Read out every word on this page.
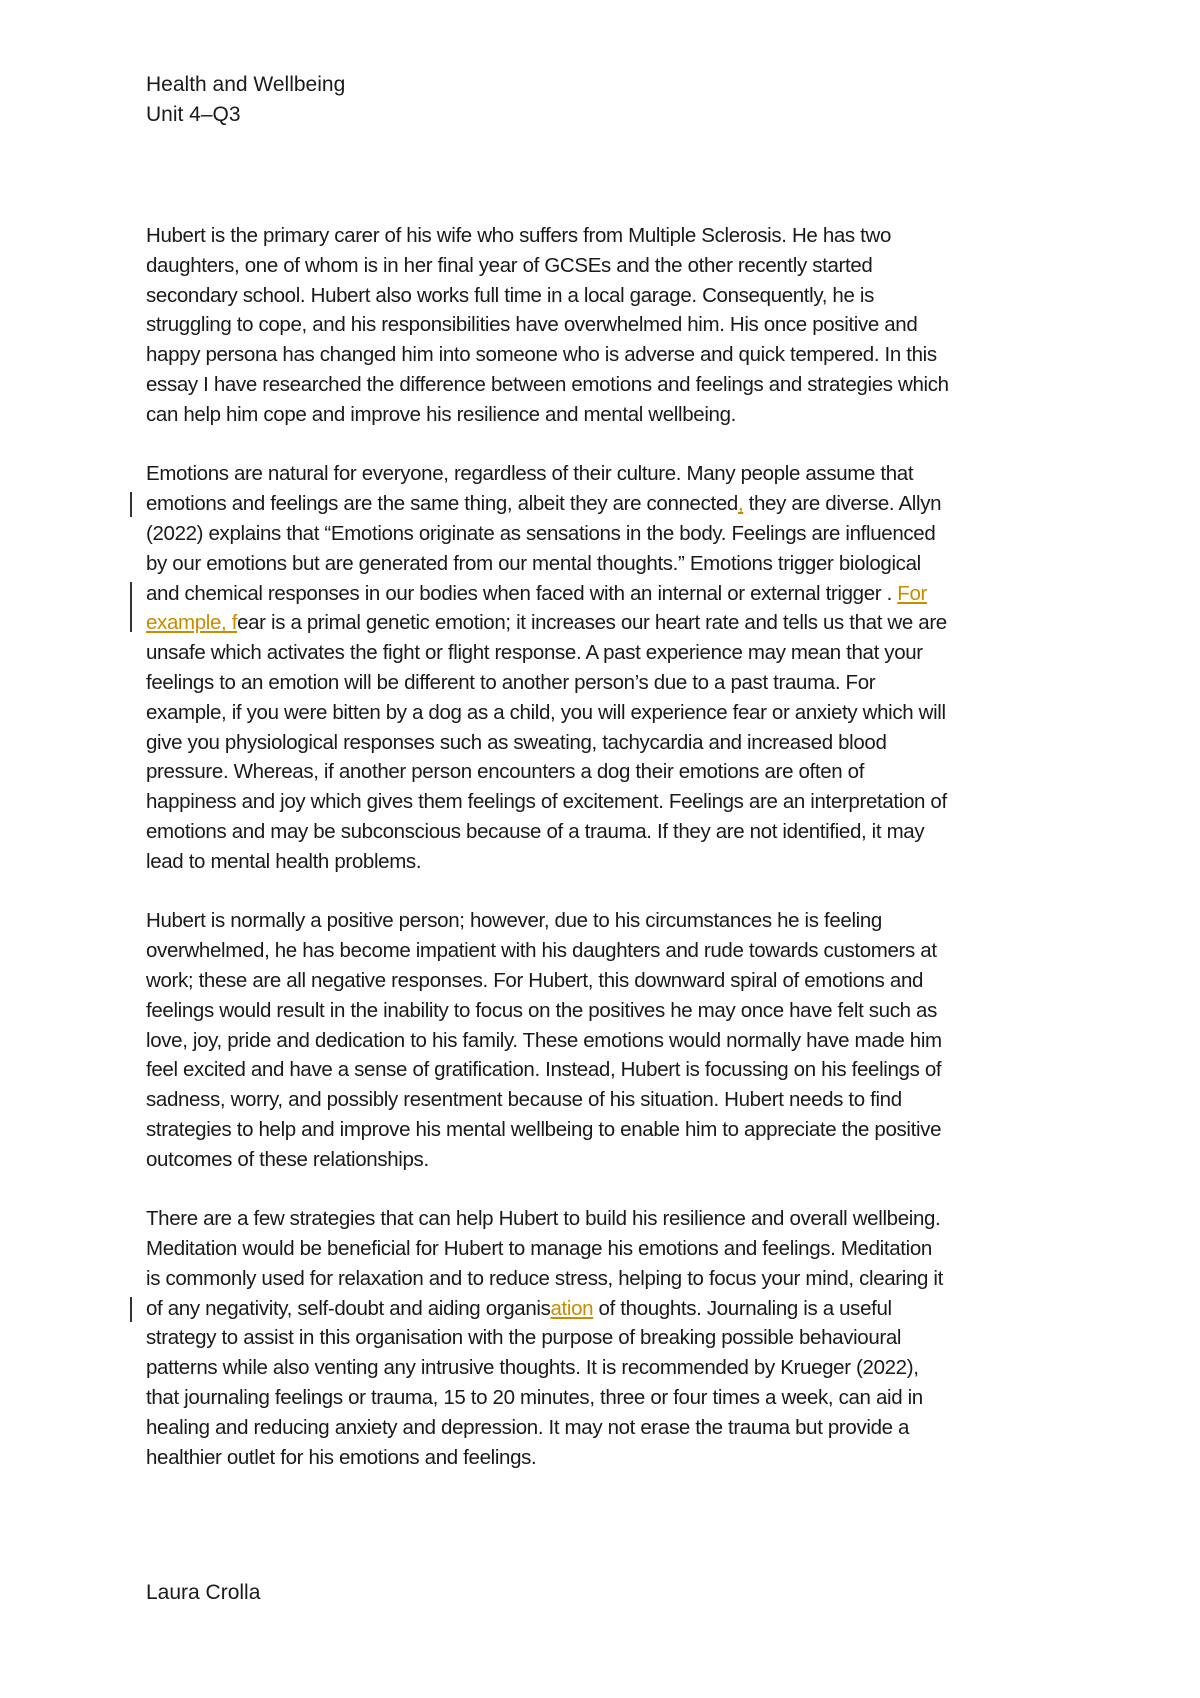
Health and Wellbeing
Unit 4–Q3
Hubert is the primary carer of his wife who suffers from Multiple Sclerosis. He has two
daughters, one of whom is in her final year of GCSEs and the other recently started
secondary school. Hubert also works full time in a local garage. Consequently, he is
struggling to cope, and his responsibilities have overwhelmed him. His once positive and
happy persona has changed him into someone who is adverse and quick tempered. In this
essay I have researched the difference between emotions and feelings and strategies which
can help him cope and improve his resilience and mental wellbeing.
Emotions are natural for everyone, regardless of their culture. Many people assume that
emotions and feelings are the same thing, albeit they are connected, they are diverse. Allyn
(2022) explains that “Emotions originate as sensations in the body. Feelings are influenced
by our emotions but are generated from our mental thoughts.” Emotions trigger biological
and chemical responses in our bodies when faced with an internal or external trigger . For
example, fear is a primal genetic emotion; it increases our heart rate and tells us that we are
unsafe which activates the fight or flight response. A past experience may mean that your
feelings to an emotion will be different to another person’s due to a past trauma. For
example, if you were bitten by a dog as a child, you will experience fear or anxiety which will
give you physiological responses such as sweating, tachycardia and increased blood
pressure. Whereas, if another person encounters a dog their emotions are often of
happiness and joy which gives them feelings of excitement. Feelings are an interpretation of
emotions and may be subconscious because of a trauma. If they are not identified, it may
lead to mental health problems.
Hubert is normally a positive person; however, due to his circumstances he is feeling
overwhelmed, he has become impatient with his daughters and rude towards customers at
work; these are all negative responses. For Hubert, this downward spiral of emotions and
feelings would result in the inability to focus on the positives he may once have felt such as
love, joy, pride and dedication to his family. These emotions would normally have made him
feel excited and have a sense of gratification. Instead, Hubert is focussing on his feelings of
sadness, worry, and possibly resentment because of his situation. Hubert needs to find
strategies to help and improve his mental wellbeing to enable him to appreciate the positive
outcomes of these relationships.
There are a few strategies that can help Hubert to build his resilience and overall wellbeing.
Meditation would be beneficial for Hubert to manage his emotions and feelings. Meditation
is commonly used for relaxation and to reduce stress, helping to focus your mind, clearing it
of any negativity, self-doubt and aiding organisation of thoughts. Journaling is a useful
strategy to assist in this organisation with the purpose of breaking possible behavioural
patterns while also venting any intrusive thoughts. It is recommended by Krueger (2022),
that journaling feelings or trauma, 15 to 20 minutes, three or four times a week, can aid in
healing and reducing anxiety and depression. It may not erase the trauma but provide a
healthier outlet for his emotions and feelings.
Laura Crolla
